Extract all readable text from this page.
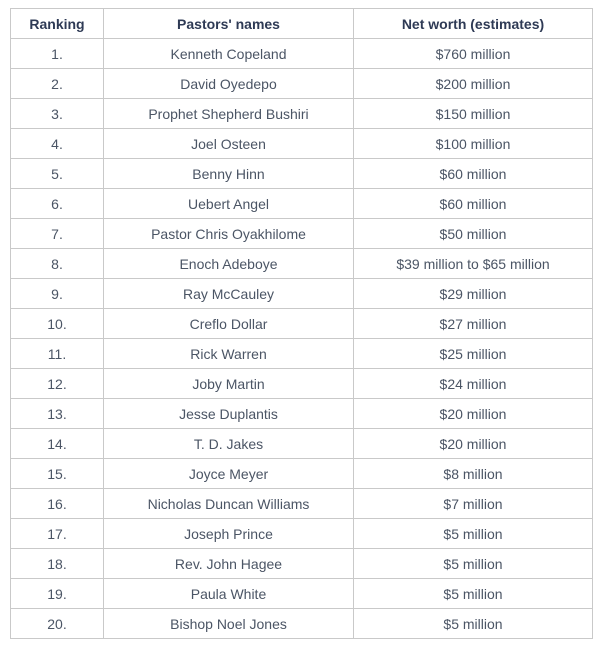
Ranking	Pastors' names	Net worth (estimates)
1.	Kenneth Copeland	$760 million
2.	David Oyedepo	$200 million
3.	Prophet Shepherd Bushiri	$150 million
4.	Joel Osteen	$100 million
5.	Benny Hinn	$60 million
6.	Uebert Angel	$60 million
7.	Pastor Chris Oyakhilome	$50 million
8.	Enoch Adeboye	$39 million to $65 million
9.	Ray McCauley	$29 million
10.	Creflo Dollar	$27 million
11.	Rick Warren	$25 million
12.	Joby Martin	$24 million
13.	Jesse Duplantis	$20 million
14.	T. D. Jakes	$20 million
15.	Joyce Meyer	$8 million
16.	Nicholas Duncan Williams	$7 million
17.	Joseph Prince	$5 million
18.	Rev. John Hagee	$5 million
19.	Paula White	$5 million
20.	Bishop Noel Jones	$5 million
